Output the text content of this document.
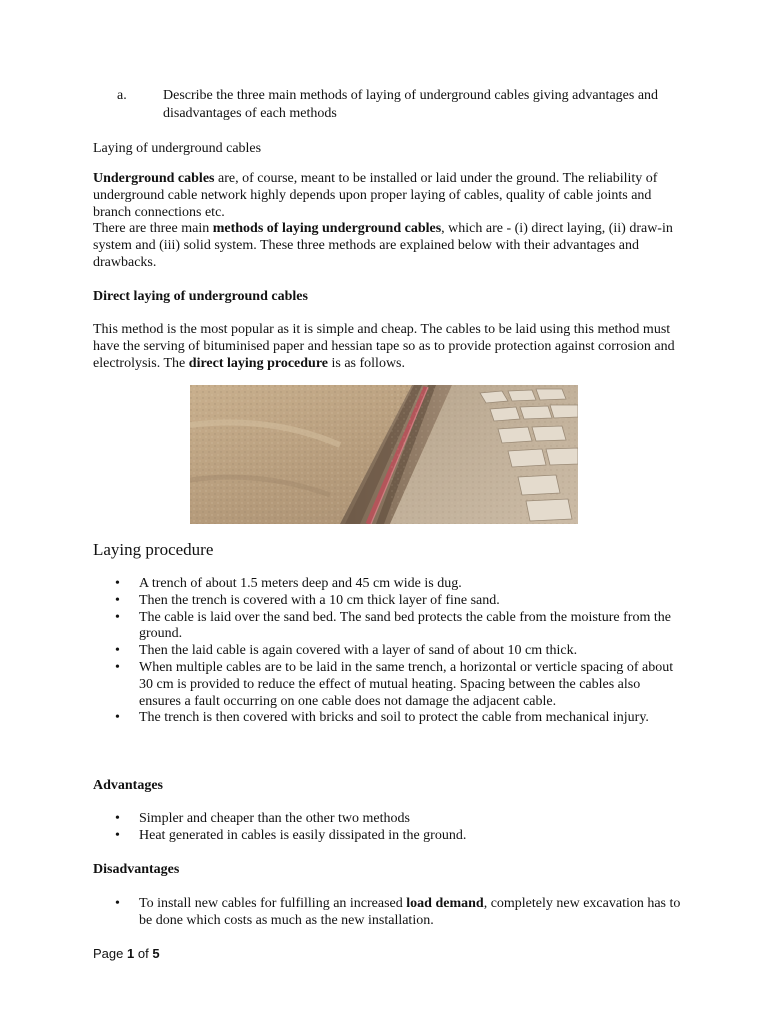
a.	Describe the three main methods of laying of underground cables giving advantages and disadvantages of each methods

Laying of underground cables

Underground cables are, of course, meant to be installed or laid under the ground. The reliability of underground cable network highly depends upon proper laying of cables, quality of cable joints and branch connections etc.

There are three main methods of laying underground cables, which are - (i) direct laying, (ii) draw-in system and (iii) solid system. These three methods are explained below with their advantages and drawbacks.

Direct laying of underground cables

This method is the most popular as it is simple and cheap. The cables to be laid using this method must have the serving of bituminised paper and hessian tape so as to provide protection against corrosion and electrolysis. The direct laying procedure is as follows.

Laying procedure

• A trench of about 1.5 meters deep and 45 cm wide is dug.
• Then the trench is covered with a 10 cm thick layer of fine sand.
• The cable is laid over the sand bed. The sand bed protects the cable from the moisture from the ground.
• Then the laid cable is again covered with a layer of sand of about 10 cm thick.
• When multiple cables are to be laid in the same trench, a horizontal or verticle spacing of about 30 cm is provided to reduce the effect of mutual heating. Spacing between the cables also ensures a fault occurring on one cable does not damage the adjacent cable.
• The trench is then covered with bricks and soil to protect the cable from mechanical injury.

Advantages

• Simpler and cheaper than the other two methods
• Heat generated in cables is easily dissipated in the ground.

Disadvantages

• To install new cables for fulfilling an increased load demand, completely new excavation has to be done which costs as much as the new installation.
Page 1 of 5
